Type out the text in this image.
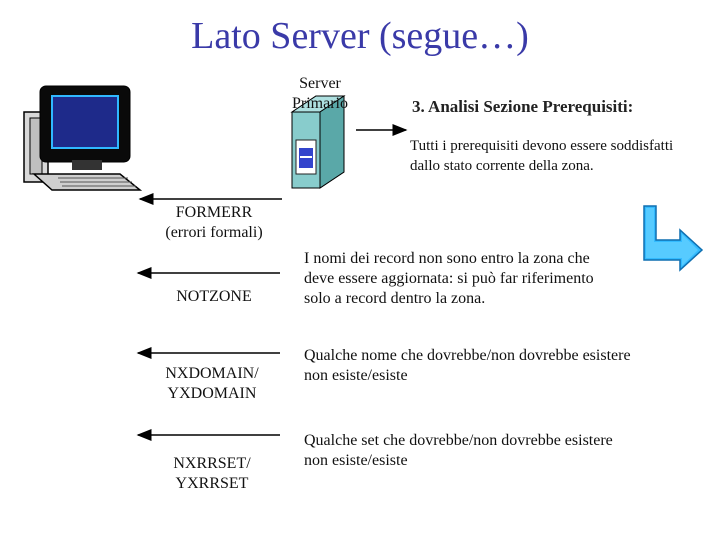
Lato Server (segue…)
Server
Primario	3. Analisi Sezione Prerequisiti:
Tutti i prerequisiti devono essere soddisfatti dallo stato corrente della zona.
FORMERR
(errori formali)
NOTZONE
NXDOMAIN/
YXDOMAIN
NXRRSET/
YXRRSET
I nomi dei record non sono entro la zona che deve essere aggiornata: si può far riferimento solo a record dentro la zona.
Qualche nome che dovrebbe/non dovrebbe esistere non esiste/esiste
Qualche set che dovrebbe/non dovrebbe esistere non esiste/esiste
